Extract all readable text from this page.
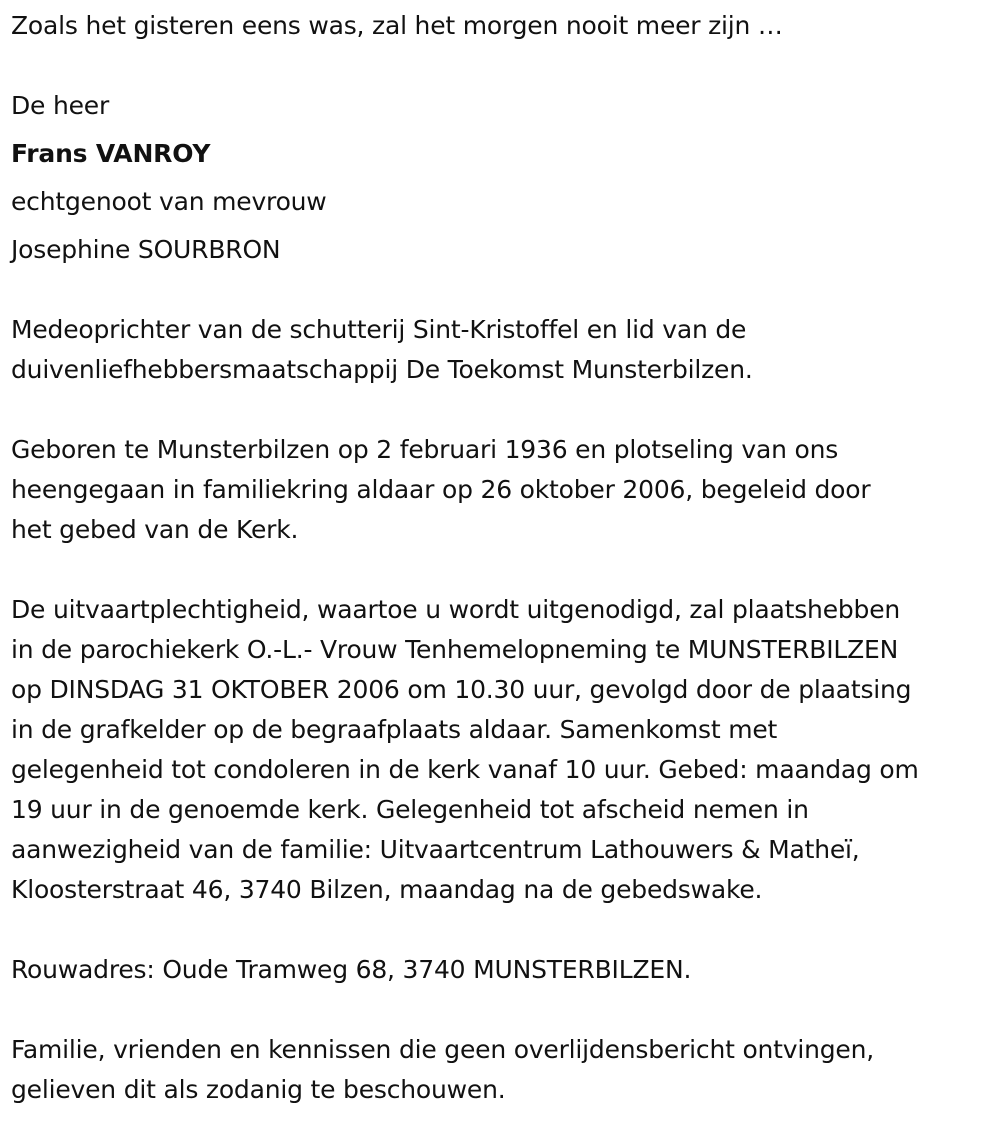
Zoals het gisteren eens was, zal het morgen nooit meer zijn …
De heer
Frans VANROY
echtgenoot van mevrouw
Josephine SOURBRON
Medeoprichter van de schutterij Sint-Kristoffel en lid van de
duivenliefhebbersmaatschappij De Toekomst Munsterbilzen.
Geboren te Munsterbilzen op 2 februari 1936 en plotseling van ons
heengegaan in familiekring aldaar op 26 oktober 2006, begeleid door
het gebed van de Kerk.
De uitvaartplechtigheid, waartoe u wordt uitgenodigd, zal plaatshebben
in de parochiekerk O.-L.- Vrouw Tenhemelopneming te MUNSTERBILZEN
op DINSDAG 31 OKTOBER 2006 om 10.30 uur, gevolgd door de plaatsing
in de grafkelder op de begraafplaats aldaar. Samenkomst met
gelegenheid tot condoleren in de kerk vanaf 10 uur. Gebed: maandag om
19 uur in de genoemde kerk. Gelegenheid tot afscheid nemen in
aanwezigheid van de familie: Uitvaartcentrum Lathouwers & Matheï,
Kloosterstraat 46, 3740 Bilzen, maandag na de gebedswake.
Rouwadres: Oude Tramweg 68, 3740 MUNSTERBILZEN.
Familie, vrienden en kennissen die geen overlijdensbericht ontvingen,
gelieven dit als zodanig te beschouwen.
